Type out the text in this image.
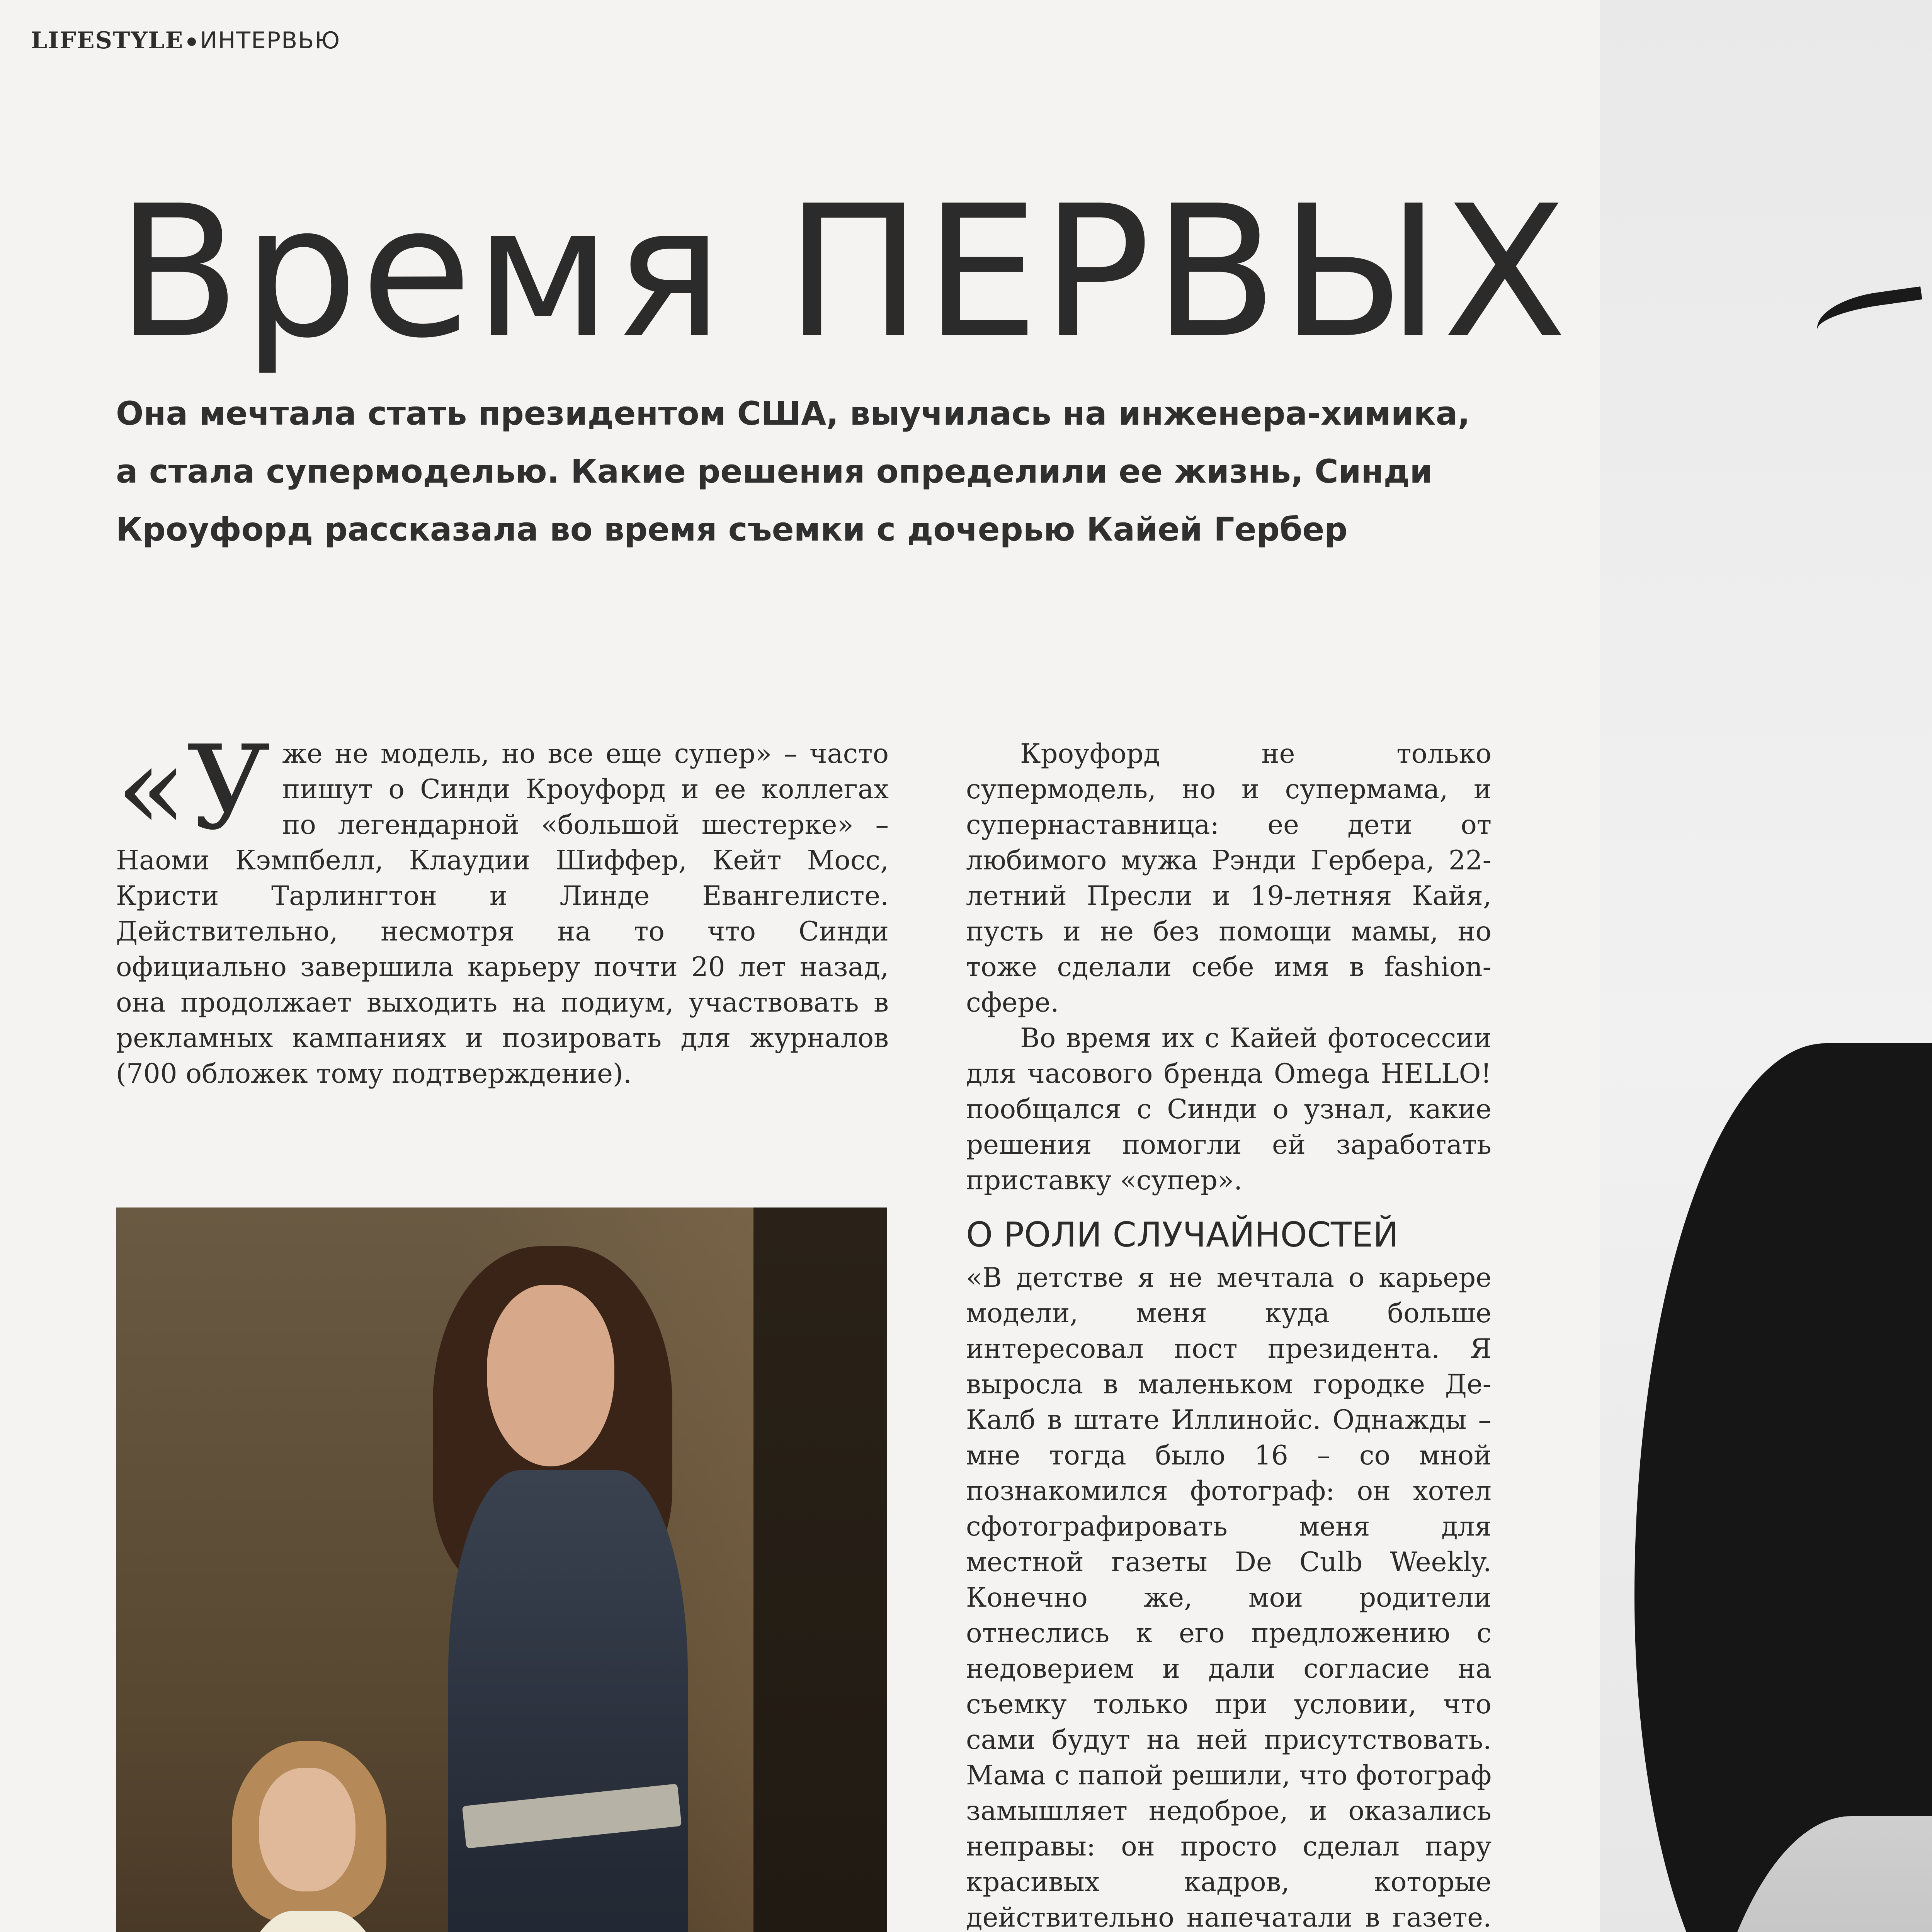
LIFESTYLE ИНТЕРВЬЮ
Время ПЕРВЫХ
Она мечтала стать президентом США, выучилась на инженера-химика, а стала супермоделью. Какие решения определили ее жизнь, Синди Кроуфорд рассказала во время съемки с дочерью Кайей Гербер
«У же не модель, но все еще супер» – часто пишут о Синди Кроуфорд и ее коллегах по легендарной «большой шестерке» – Наоми Кэмпбелл, Клаудии Шиффер, Кейт Мосс, Кристи Тарлингтон и Линде Евангелисте. Действительно, несмотря на то что Синди официально завершила карьеру почти 20 лет назад, она продолжает выходить на подиум, участвовать в рекламных кампаниях и позировать для журналов (700 обложек тому подтверждение).

Кроуфорд не только супермодель, но и супермама, и супернаставница: ее дети от любимого мужа Рэнди Гербера, 22-летний Пресли и 19-летняя Кайя, пусть и не без помощи мамы, но тоже сделали себе имя в fashion-сфере.

Во время их с Кайей фотосессии для часового бренда Omega HELLO! пообщался с Синди о узнал, какие решения помогли ей заработать приставку «супер».

О РОЛИ СЛУЧАЙНОСТЕЙ

«В детстве я не мечтала о карьере модели, меня куда больше интересовал пост президента. Я выросла в маленьком городке Де-Калб в штате Иллинойс. Однажды – мне тогда было 16 – со мной познакомился фотограф: он хотел сфотографировать меня для местной газеты De Culb Weekly. Конечно же, мои родители отнеслись к его предложению с недоверием и дали согласие на съемку только при условии, что сами будут на ней присутствовать. Мама с папой решили, что фотограф замышляет недоброе, и оказались неправы: он просто сделал пару красивых кадров, которые действительно напечатали в газете.
